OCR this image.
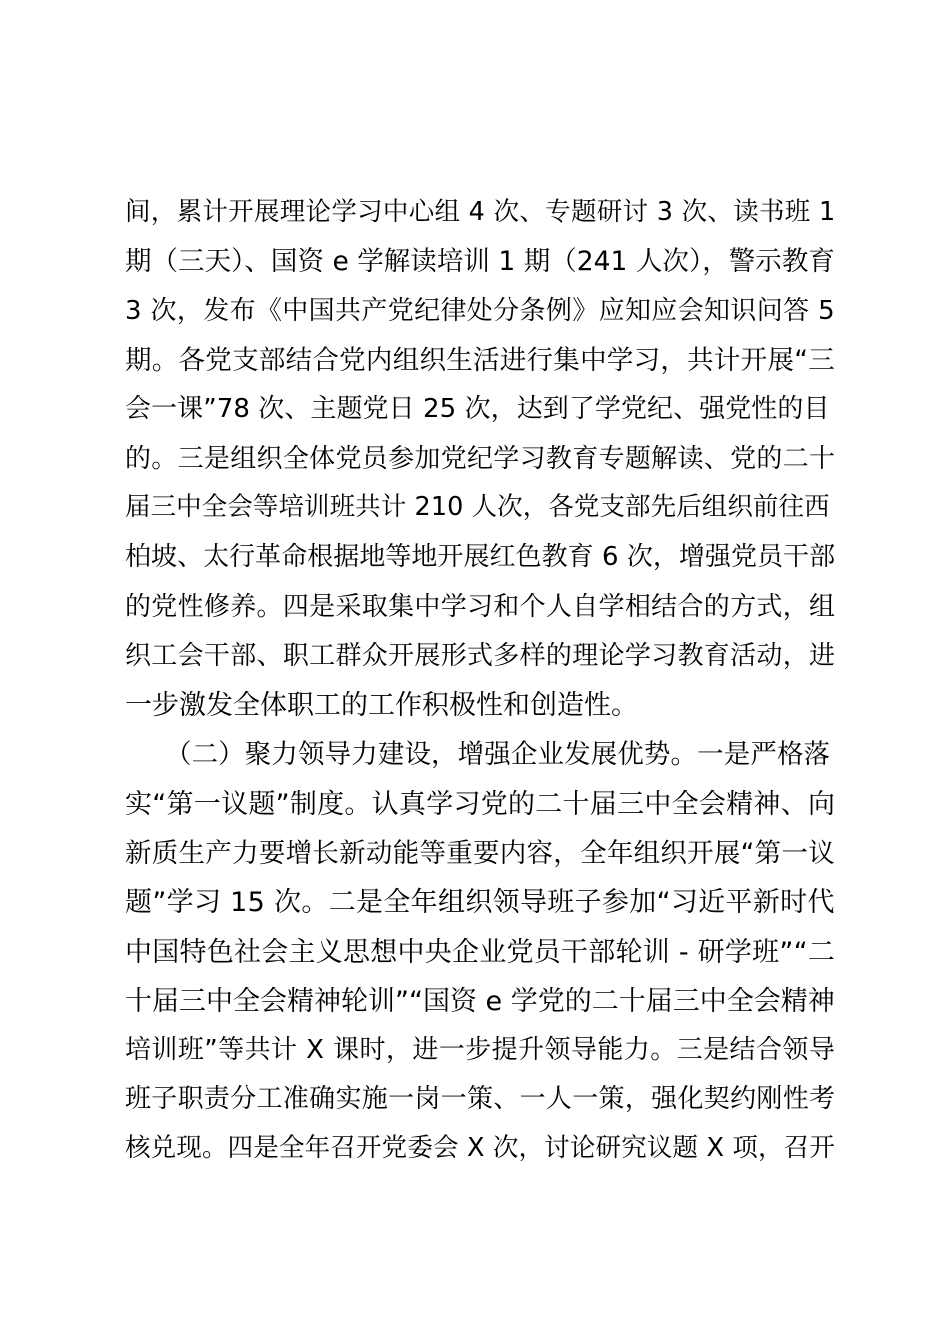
间，累计开展理论学习中心组 4 次、专题研讨 3 次、读书班 1
期（三天）、国资 e 学解读培训 1 期（241 人次），警示教育
3 次，发布《中国共产党纪律处分条例》应知应会知识问答 5
期。各党支部结合党内组织生活进行集中学习，共计开展“三
会一课”78 次、主题党日 25 次，达到了学党纪、强党性的目
的。三是组织全体党员参加党纪学习教育专题解读、党的二十
届三中全会等培训班共计 210 人次，各党支部先后组织前往西
柏坡、太行革命根据地等地开展红色教育 6 次，增强党员干部
的党性修养。四是采取集中学习和个人自学相结合的方式，组
织工会干部、职工群众开展形式多样的理论学习教育活动，进
一步激发全体职工的工作积极性和创造性。
　　（二）聚力领导力建设，增强企业发展优势。一是严格落
实“第一议题”制度。认真学习党的二十届三中全会精神、向
新质生产力要增长新动能等重要内容，全年组织开展“第一议
题”学习 15 次。二是全年组织领导班子参加“习近平新时代
中国特色社会主义思想中央企业党员干部轮训 - 研学班”“二
十届三中全会精神轮训”“国资 e 学党的二十届三中全会精神
培训班”等共计 X 课时，进一步提升领导能力。三是结合领导
班子职责分工准确实施一岗一策、一人一策，强化契约刚性考
核兑现。四是全年召开党委会 X 次，讨论研究议题 X 项，召开
